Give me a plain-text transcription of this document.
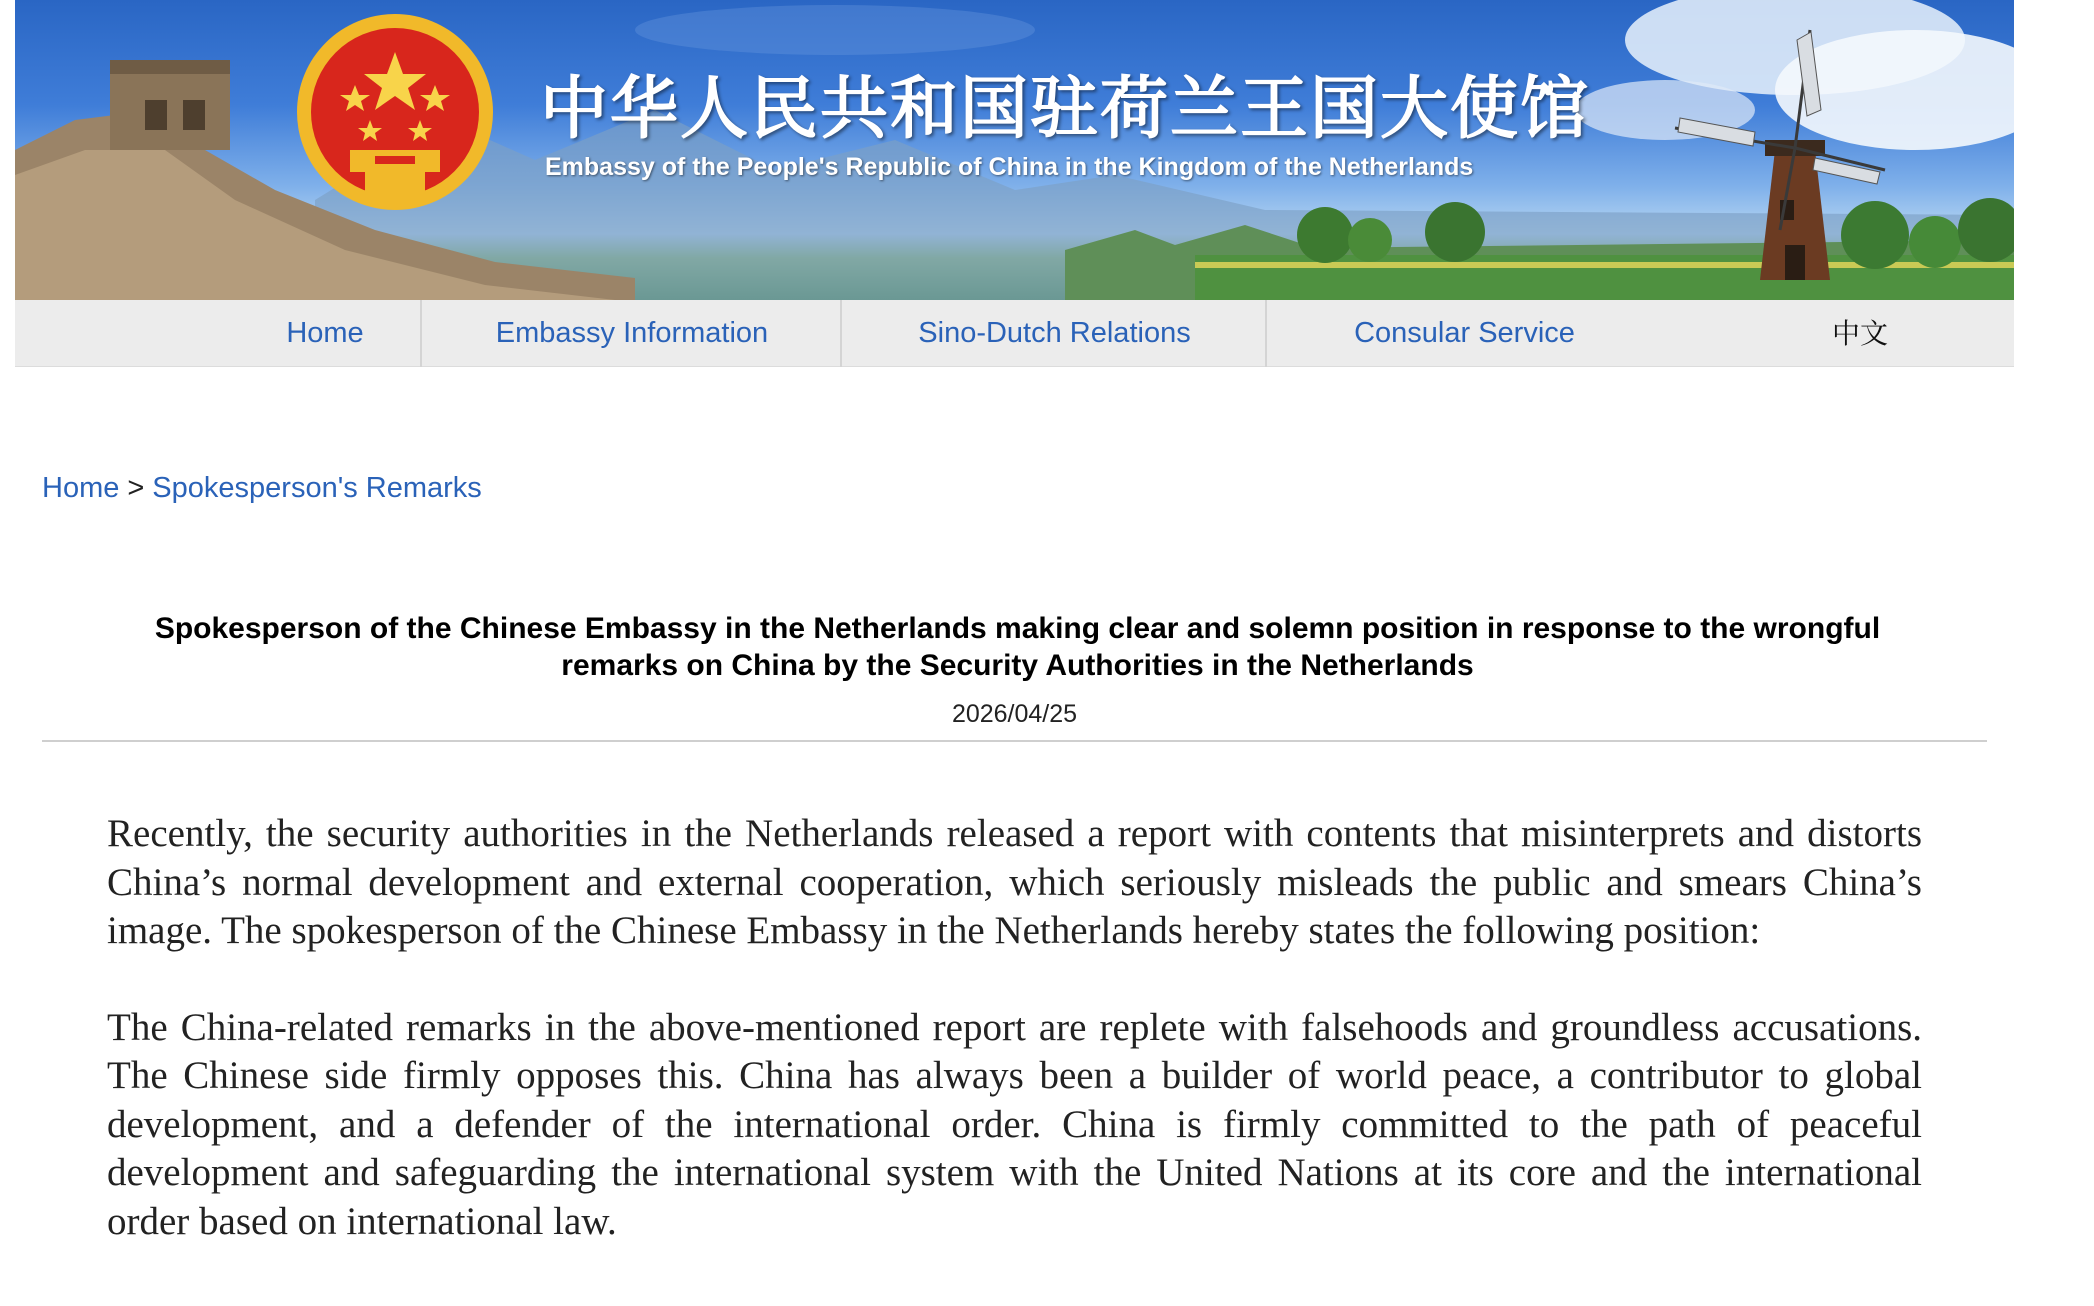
中华人民共和国驻荷兰王国大使馆
Embassy of the People's Republic of China in the Kingdom of the Netherlands
Home	Embassy Information	Sino-Dutch Relations	Consular Service	中文
Home > Spokesperson's Remarks
Spokesperson of the Chinese Embassy in the Netherlands making clear and solemn position in response to the wrongful remarks on China by the Security Authorities in the Netherlands
2026/04/25

Recently, the security authorities in the Netherlands released a report with contents that misinterprets and distorts China’s normal development and external cooperation, which seriously misleads the public and smears China’s image. The spokesperson of the Chinese Embassy in the Netherlands hereby states the following position:

The China-related remarks in the above-mentioned report are replete with falsehoods and groundless accusations. The Chinese side firmly opposes this. China has always been a builder of world peace, a contributor to global development, and a defender of the international order. China is firmly committed to the path of peaceful development and safeguarding the international system with the United Nations at its core and the international order based on international law.
